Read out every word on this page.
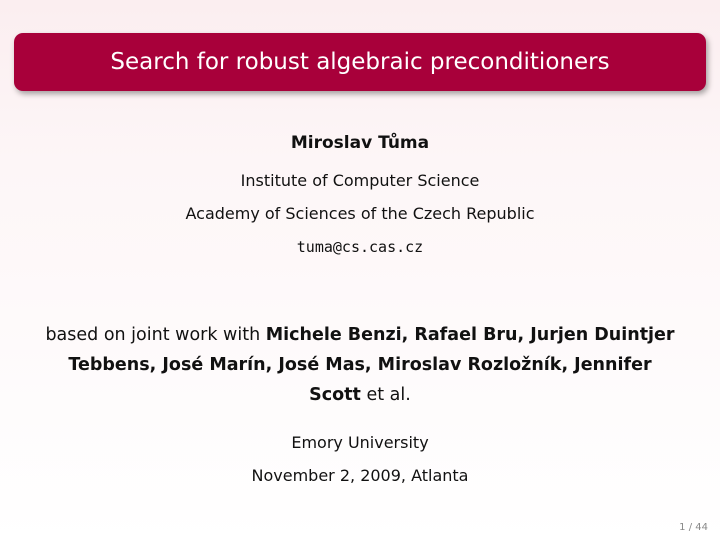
Search for robust algebraic preconditioners
Miroslav Tůma
Institute of Computer Science
Academy of Sciences of the Czech Republic
tuma@cs.cas.cz
based on joint work with Michele Benzi, Rafael Bru, Jurjen Duintjer Tebbens, José Marín, José Mas, Miroslav Rozložník, Jennifer Scott et al.
Emory University
November 2, 2009, Atlanta
1 / 44
